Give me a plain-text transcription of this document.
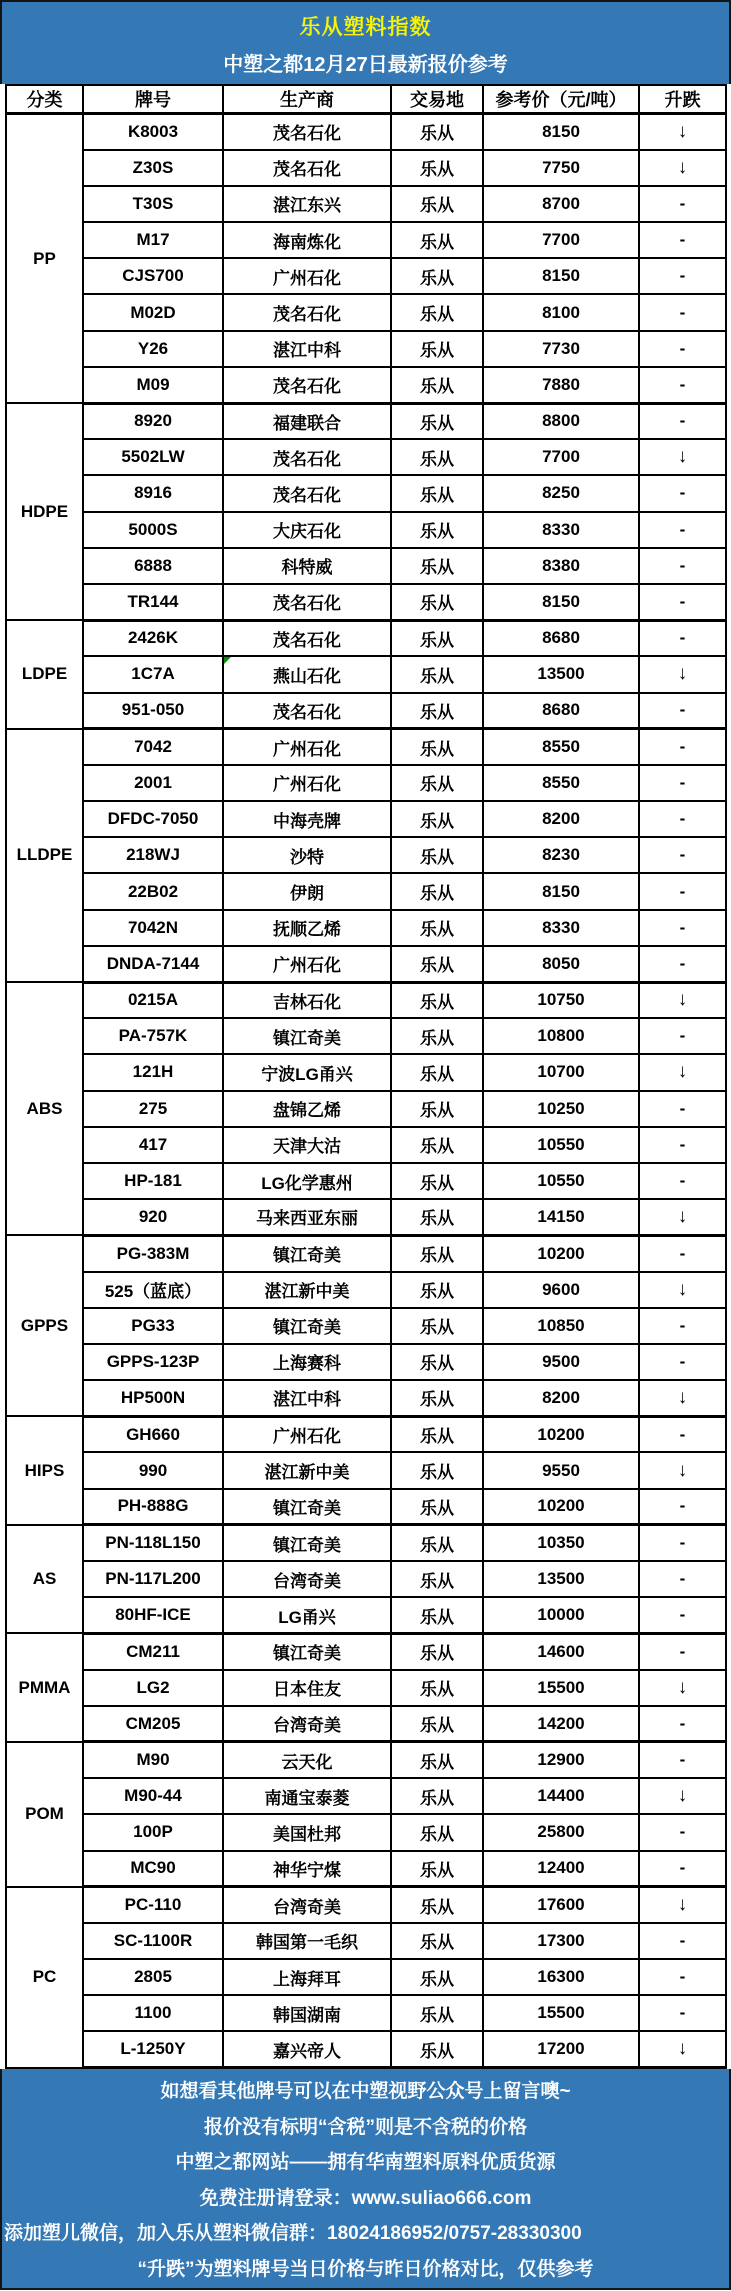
乐从塑料指数
中塑之都12月27日最新报价参考
分类	牌号	生产商	交易地	参考价（元/吨）	升跌
PP	K8003	茂名石化	乐从	8150	↓
	Z30S	茂名石化	乐从	7750	↓
	T30S	湛江东兴	乐从	8700	-
	M17	海南炼化	乐从	7700	-
	CJS700	广州石化	乐从	8150	-
	M02D	茂名石化	乐从	8100	-
	Y26	湛江中科	乐从	7730	-
	M09	茂名石化	乐从	7880	-
HDPE	8920	福建联合	乐从	8800	-
	5502LW	茂名石化	乐从	7700	↓
	8916	茂名石化	乐从	8250	-
	5000S	大庆石化	乐从	8330	-
	6888	科特威	乐从	8380	-
	TR144	茂名石化	乐从	8150	-
LDPE	2426K	茂名石化	乐从	8680	-
	1C7A	燕山石化	乐从	13500	↓
	951-050	茂名石化	乐从	8680	-
LLDPE	7042	广州石化	乐从	8550	-
	2001	广州石化	乐从	8550	-
	DFDC-7050	中海壳牌	乐从	8200	-
	218WJ	沙特	乐从	8230	-
	22B02	伊朗	乐从	8150	-
	7042N	抚顺乙烯	乐从	8330	-
	DNDA-7144	广州石化	乐从	8050	-
ABS	0215A	吉林石化	乐从	10750	↓
	PA-757K	镇江奇美	乐从	10800	-
	121H	宁波LG甬兴	乐从	10700	↓
	275	盘锦乙烯	乐从	10250	-
	417	天津大沽	乐从	10550	-
	HP-181	LG化学惠州	乐从	10550	-
	920	马来西亚东丽	乐从	14150	↓
GPPS	PG-383M	镇江奇美	乐从	10200	-
	525（蓝底）	湛江新中美	乐从	9600	↓
	PG33	镇江奇美	乐从	10850	-
	GPPS-123P	上海赛科	乐从	9500	-
	HP500N	湛江中科	乐从	8200	↓
HIPS	GH660	广州石化	乐从	10200	-
	990	湛江新中美	乐从	9550	↓
	PH-888G	镇江奇美	乐从	10200	-
AS	PN-118L150	镇江奇美	乐从	10350	-
	PN-117L200	台湾奇美	乐从	13500	-
	80HF-ICE	LG甬兴	乐从	10000	-
PMMA	CM211	镇江奇美	乐从	14600	-
	LG2	日本住友	乐从	15500	↓
	CM205	台湾奇美	乐从	14200	-
POM	M90	云天化	乐从	12900	-
	M90-44	南通宝泰菱	乐从	14400	↓
	100P	美国杜邦	乐从	25800	-
	MC90	神华宁煤	乐从	12400	-
PC	PC-110	台湾奇美	乐从	17600	↓
	SC-1100R	韩国第一毛织	乐从	17300	-
	2805	上海拜耳	乐从	16300	-
	1100	韩国湖南	乐从	15500	-
	L-1250Y	嘉兴帝人	乐从	17200	↓
如想看其他牌号可以在中塑视野公众号上留言噢~
报价没有标明“含税”则是不含税的价格
中塑之都网站——拥有华南塑料原料优质货源
免费注册请登录：www.suliao666.com
添加塑儿微信，加入乐从塑料微信群：18024186952/0757-28330300
“升跌”为塑料牌号当日价格与昨日价格对比，仅供参考
